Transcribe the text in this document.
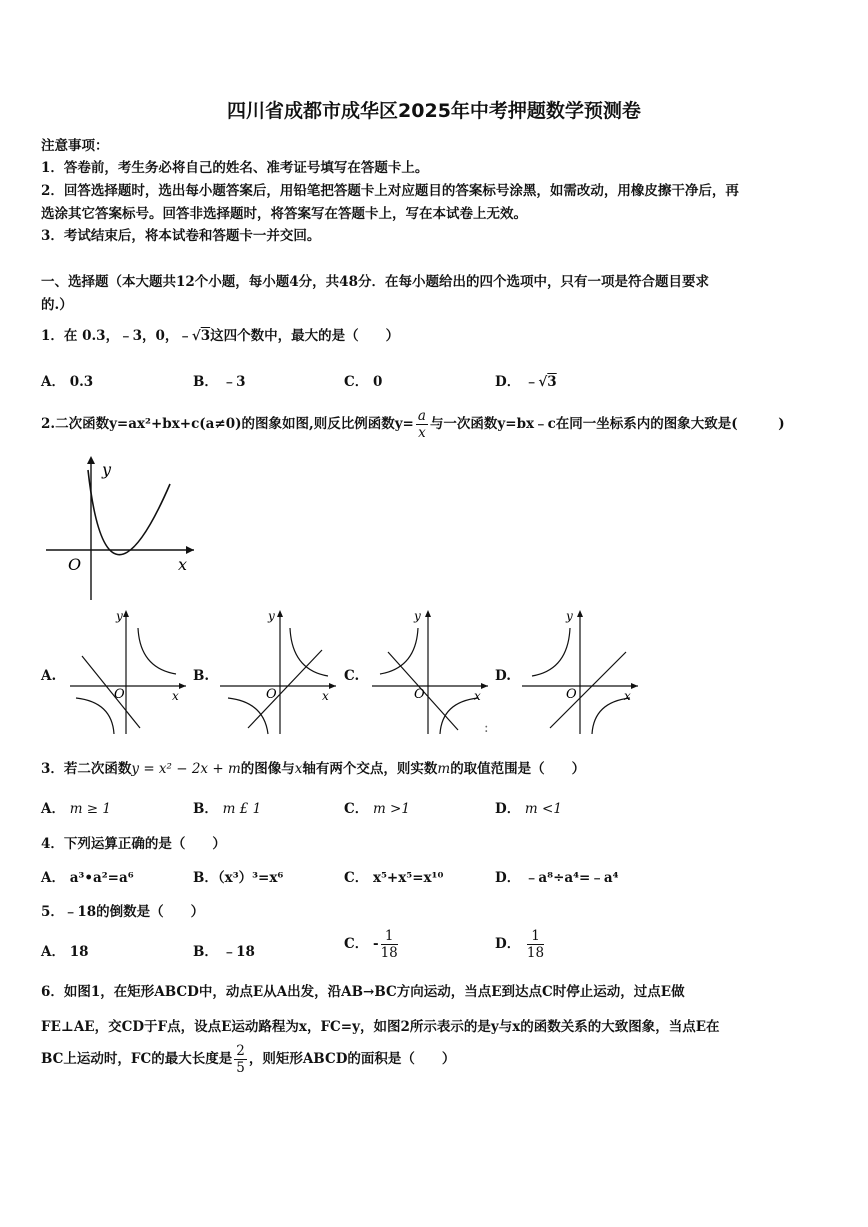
四川省成都市成华区2025年中考押题数学预测卷
注意事项：
1．答卷前，考生务必将自己的姓名、准考证号填写在答题卡上。
2．回答选择题时，选出每小题答案后，用铅笔把答题卡上对应题目的答案标号涂黑，如需改动，用橡皮擦干净后，再
选涂其它答案标号。回答非选择题时，将答案写在答题卡上，写在本试卷上无效。
3．考试结束后，将本试卷和答题卡一并交回。
一、选择题（本大题共12个小题，每小题4分，共48分．在每小题给出的四个选项中，只有一项是符合题目要求
的.）
1．在 0.3，﹣3，0，﹣√3这四个数中，最大的是（　　）
A． 0.3	B． ﹣3	C． 0	D． ﹣√3
2.二次函数y=ax²+bx+c(a≠0)的图象如图,则反比例函数$y= \frac{a}{x}$ 与一次函数y=bx﹣c在同一坐标系内的图象大致是(　　　)
y
x
O
A.
y
x
O
B.
y
x
O
C.
y
x
O
D.
y
x
O
:
3．若二次函数y = x² − 2x + m的图像与x轴有两个交点，则实数m的取值范围是（　　）
A． m ≥ 1	B． m £ 1	C． m >1	D． m <1
4．下列运算正确的是（　　）
A． a³•a²=a⁶	B．（x³）³=x⁶	C． x⁵+x⁵=x¹⁰	D． ﹣a⁸÷a⁴=﹣a⁴
5．﹣18的倒数是（　　）
A． 18	B． ﹣18	C． - $\frac{1}{18}$	D． $\frac{1}{18}$
6．如图1，在矩形ABCD中，动点E从A出发，沿AB→BC方向运动，当点E到达点C时停止运动，过点E做
FE⊥AE，交CD于F点，设点E运动路程为x，FC=y，如图2所示表示的是y与x的函数关系的大致图象，当点E在
BC上运动时，FC的最大长度是 $\frac{2}{5}$ ，则矩形ABCD的面积是（　　）
